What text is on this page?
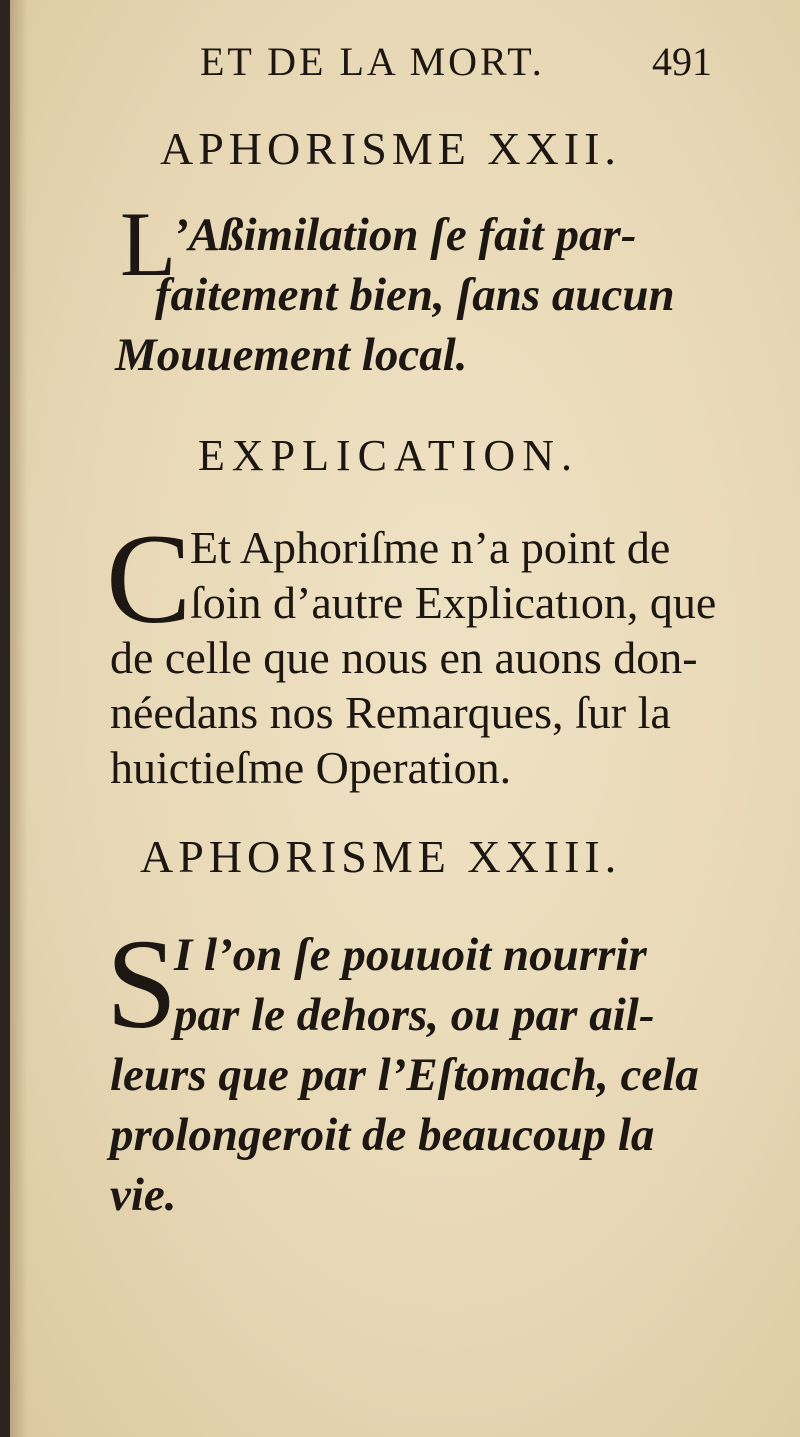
ET DE LA MORT.	491
APHORISME XXII.
L

’Aßimilation ſe fait par-
faitement bien, ſans aucun
Mouuement local.

EXPLICATION.
C

Et Aphoriſme n’a point de
ſoin d’autre Explicatıon, que
de celle que nous en auons don-
néedans nos Remarques, ſur la
huictieſme Operation.

APHORISME XXIII.
S

I l’on ſe pouuoit nourrir
par le dehors, ou par ail-
leurs que par l’Eſtomach, cela
prolongeroit de beaucoup la
vie.
